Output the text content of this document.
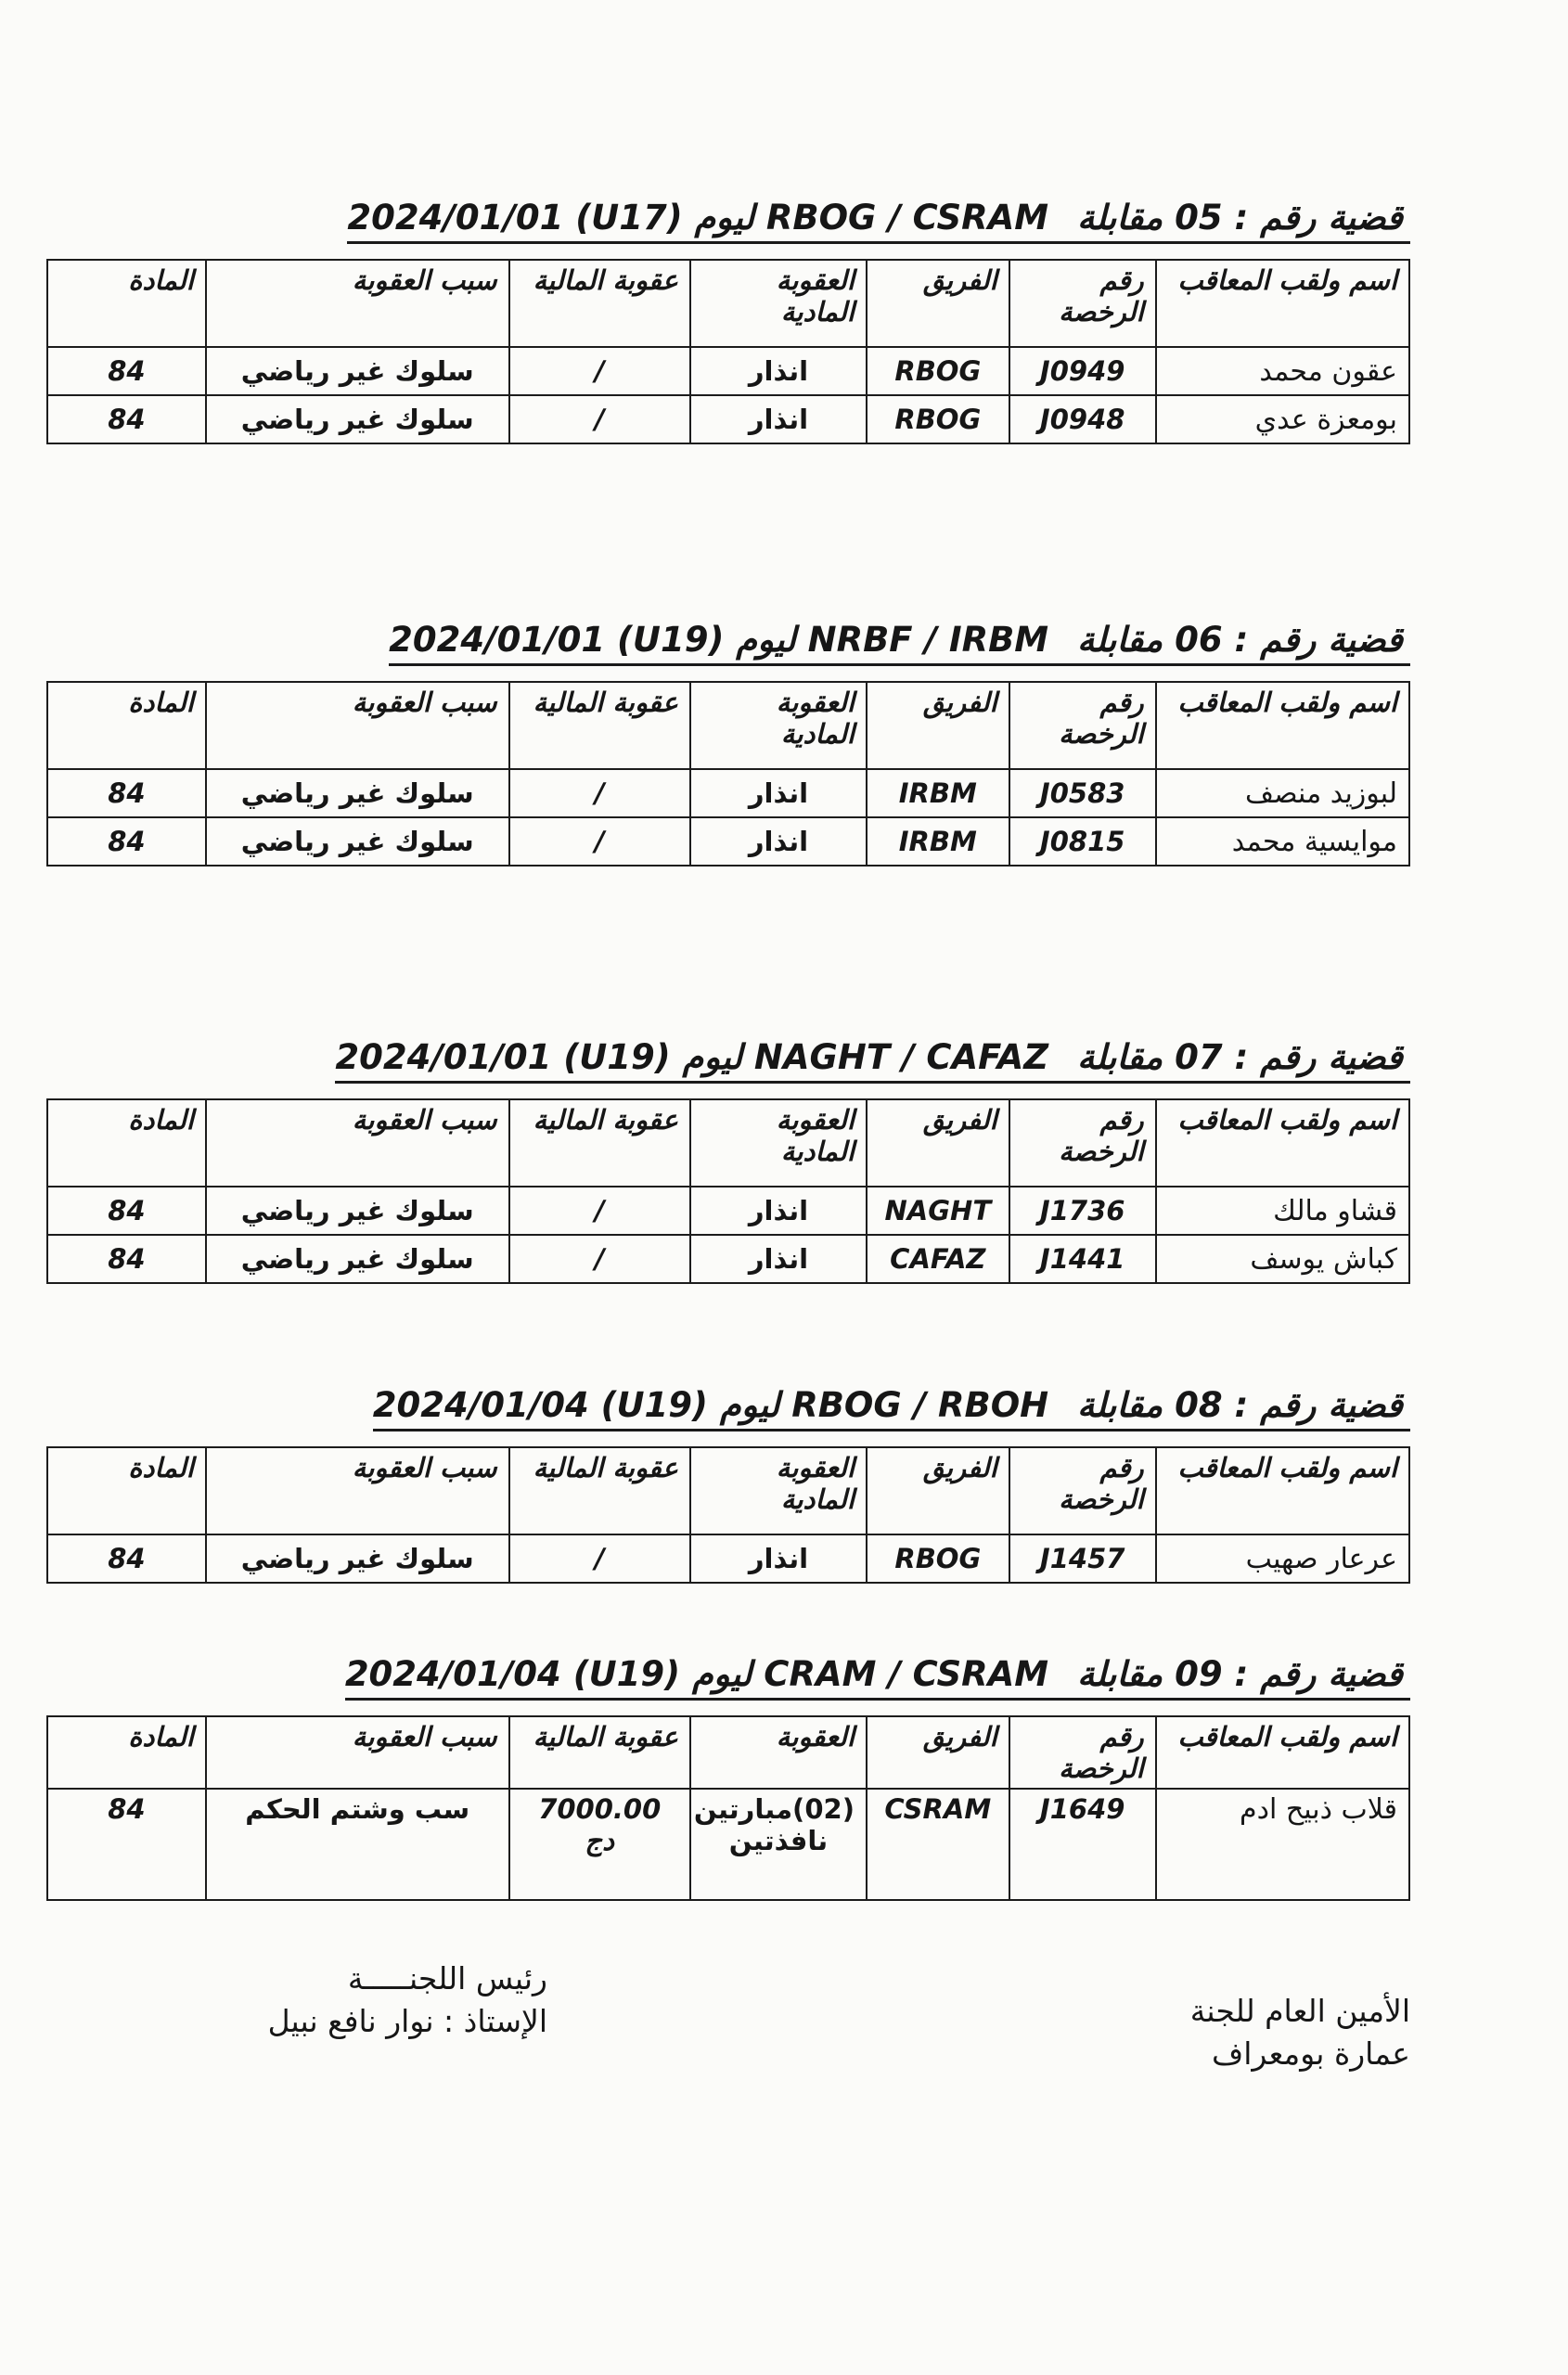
قضية رقم : 05 مقابلة RBOG / CSRAM ليوم 2024/01/01 (U17)
اسم ولقب المعاقب	رقم الرخصة	الفريق	العقوبة المادية	عقوبة المالية	سبب العقوبة	المادة
عقون محمد	J0949	RBOG	انذار	/	سلوك غير رياضي	84
بومعزة عدي	J0948	RBOG	انذار	/	سلوك غير رياضي	84
قضية رقم : 06 مقابلة NRBF / IRBM ليوم 2024/01/01 (U19)
اسم ولقب المعاقب	رقم الرخصة	الفريق	العقوبة المادية	عقوبة المالية	سبب العقوبة	المادة
لبوزيد منصف	J0583	IRBM	انذار	/	سلوك غير رياضي	84
موايسية محمد	J0815	IRBM	انذار	/	سلوك غير رياضي	84
قضية رقم : 07 مقابلة NAGHT / CAFAZ ليوم 2024/01/01 (U19)
اسم ولقب المعاقب	رقم الرخصة	الفريق	العقوبة المادية	عقوبة المالية	سبب العقوبة	المادة
قشاو مالك	J1736	NAGHT	انذار	/	سلوك غير رياضي	84
كباش يوسف	J1441	CAFAZ	انذار	/	سلوك غير رياضي	84
قضية رقم : 08 مقابلة RBOG / RBOH ليوم 2024/01/04 (U19)
اسم ولقب المعاقب	رقم الرخصة	الفريق	العقوبة المادية	عقوبة المالية	سبب العقوبة	المادة
عرعار صهيب	J1457	RBOG	انذار	/	سلوك غير رياضي	84
قضية رقم : 09 مقابلة CRAM / CSRAM ليوم 2024/01/04 (U19)
اسم ولقب المعاقب	رقم الرخصة	الفريق	العقوبة	عقوبة المالية	سبب العقوبة	المادة
قلاب ذبيح ادم	J1649	CSRAM	(02)مبارتين نافذتين	7000.00 دج	سب وشتم الحكم	84
رئيس اللجنـــــة
الإستاذ : نوار نافع نبيل	الأمين العام للجنة
عمارة بومعراف
